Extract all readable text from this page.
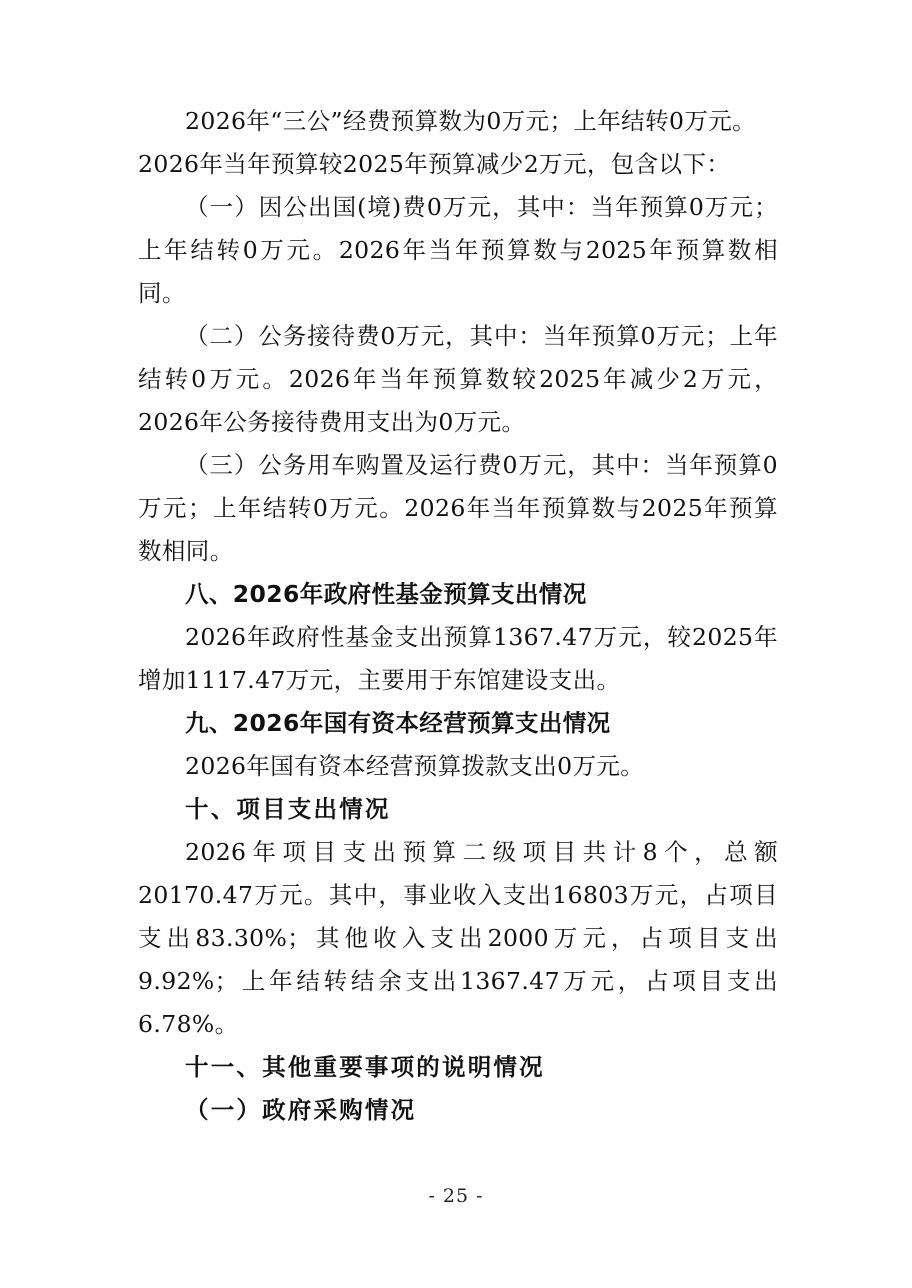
2026年“三公”经费预算数为0万元；上年结转0万元。

2026年当年预算较2025年预算减少2万元，包含以下：

（一）因公出国(境)费0万元，其中：当年预算0万元；上年结转0万元。2026年当年预算数与2025年预算数相同。

（二）公务接待费0万元，其中：当年预算0万元；上年结转0万元。2026年当年预算数较2025年减少2万元，2026年公务接待费用支出为0万元。

（三）公务用车购置及运行费0万元，其中：当年预算0万元；上年结转0万元。2026年当年预算数与2025年预算数相同。

八、2026年政府性基金预算支出情况

2026年政府性基金支出预算1367.47万元，较2025年增加1117.47万元，主要用于东馆建设支出。

九、2026年国有资本经营预算支出情况

2026年国有资本经营预算拨款支出0万元。

十、项目支出情况

2026年项目支出预算二级项目共计8个，总额20170.47万元。其中，事业收入支出16803万元，占项目支出83.30%；其他收入支出2000万元，占项目支出9.92%；上年结转结余支出1367.47万元，占项目支出6.78%。

十一、其他重要事项的说明情况

（一）政府采购情况

- 25 -
